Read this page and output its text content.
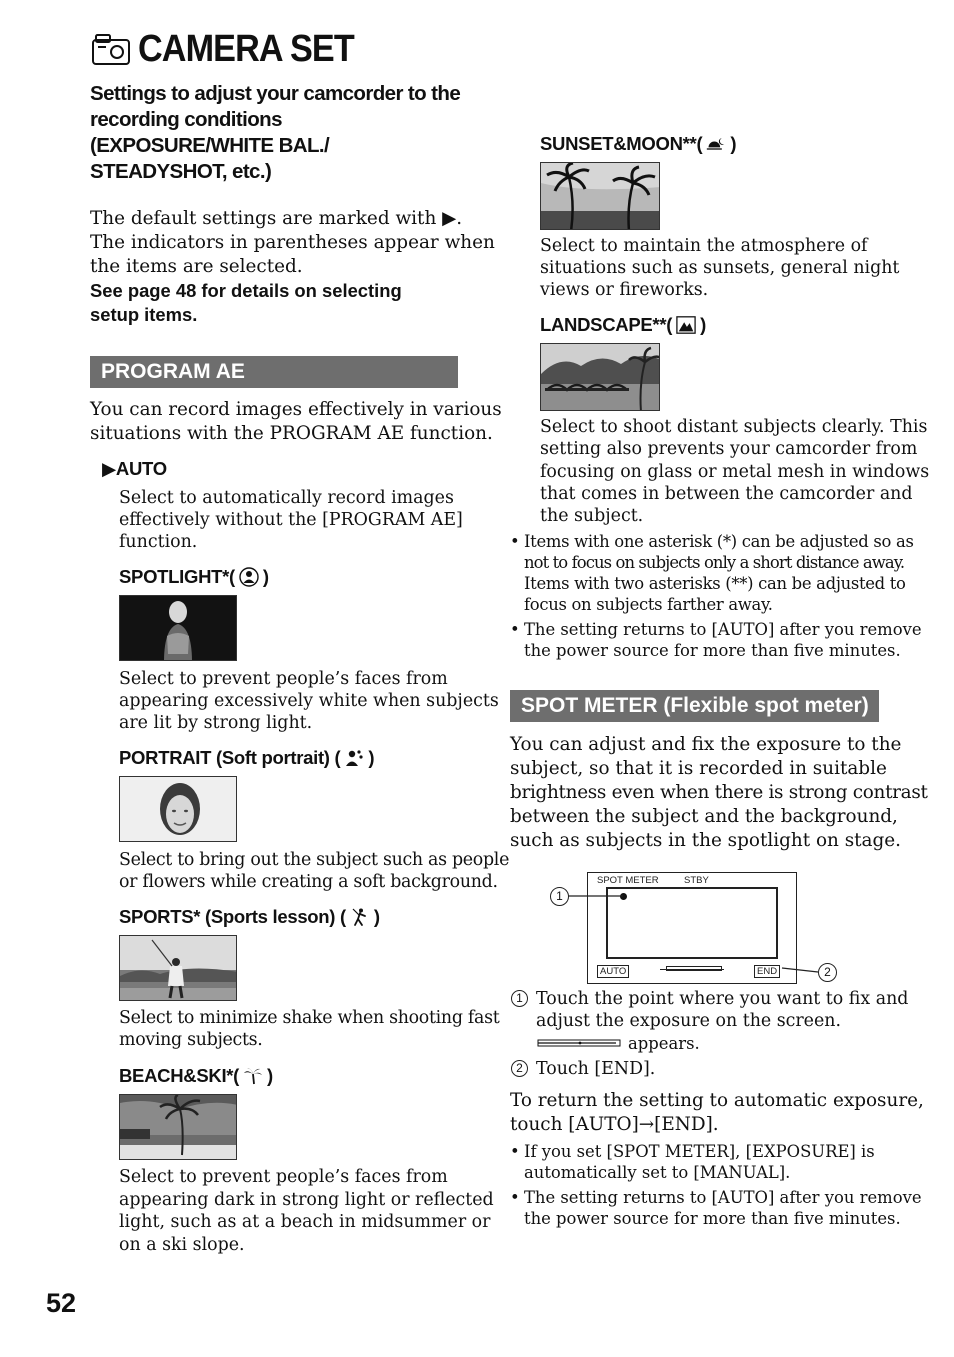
CAMERA SET
Settings to adjust your camcorder to the
recording conditions
(EXPOSURE/WHITE BAL./
STEADYSHOT, etc.)
The default settings are marked with ▶.
The indicators in parentheses appear when
the items are selected.
See page 48 for details on selecting
setup items.
PROGRAM AE
You can record images effectively in various
situations with the PROGRAM AE function.
▶AUTO
Select to automatically record images
effectively without the [PROGRAM AE]
function.
SPOTLIGHT*( )
Select to prevent people’s faces from
appearing excessively white when subjects
are lit by strong light.
PORTRAIT (Soft portrait) ( )
Select to bring out the subject such as people
or flowers while creating a soft background.
SPORTS* (Sports lesson) ( )
Select to minimize shake when shooting fast
moving subjects.
BEACH&SKI*( )
Select to prevent people’s faces from
appearing dark in strong light or reflected
light, such as at a beach in midsummer or
on a ski slope.
SUNSET&MOON**( )
Select to maintain the atmosphere of
situations such as sunsets, general night
views or fireworks.
LANDSCAPE**( )
Select to shoot distant subjects clearly. This
setting also prevents your camcorder from
focusing on glass or metal mesh in windows
that comes in between the camcorder and
the subject.
• Items with one asterisk (*) can be adjusted so as
not to focus on subjects only a short distance away.
Items with two asterisks (**) can be adjusted to
focus on subjects farther away.
• The setting returns to [AUTO] after you remove
the power source for more than five minutes.
SPOT METER (Flexible spot meter)
You can adjust and fix the exposure to the
subject, so that it is recorded in suitable
brightness even when there is strong contrast
between the subject and the background,
such as subjects in the spotlight on stage.
SPOT METER	STBY
AUTO	END
1
2
1 Touch the point where you want to fix and
adjust the exposure on the screen.
appears.
2 Touch [END].
To return the setting to automatic exposure,
touch [AUTO]→[END].
• If you set [SPOT METER], [EXPOSURE] is
automatically set to [MANUAL].
• The setting returns to [AUTO] after you remove
the power source for more than five minutes.
52
